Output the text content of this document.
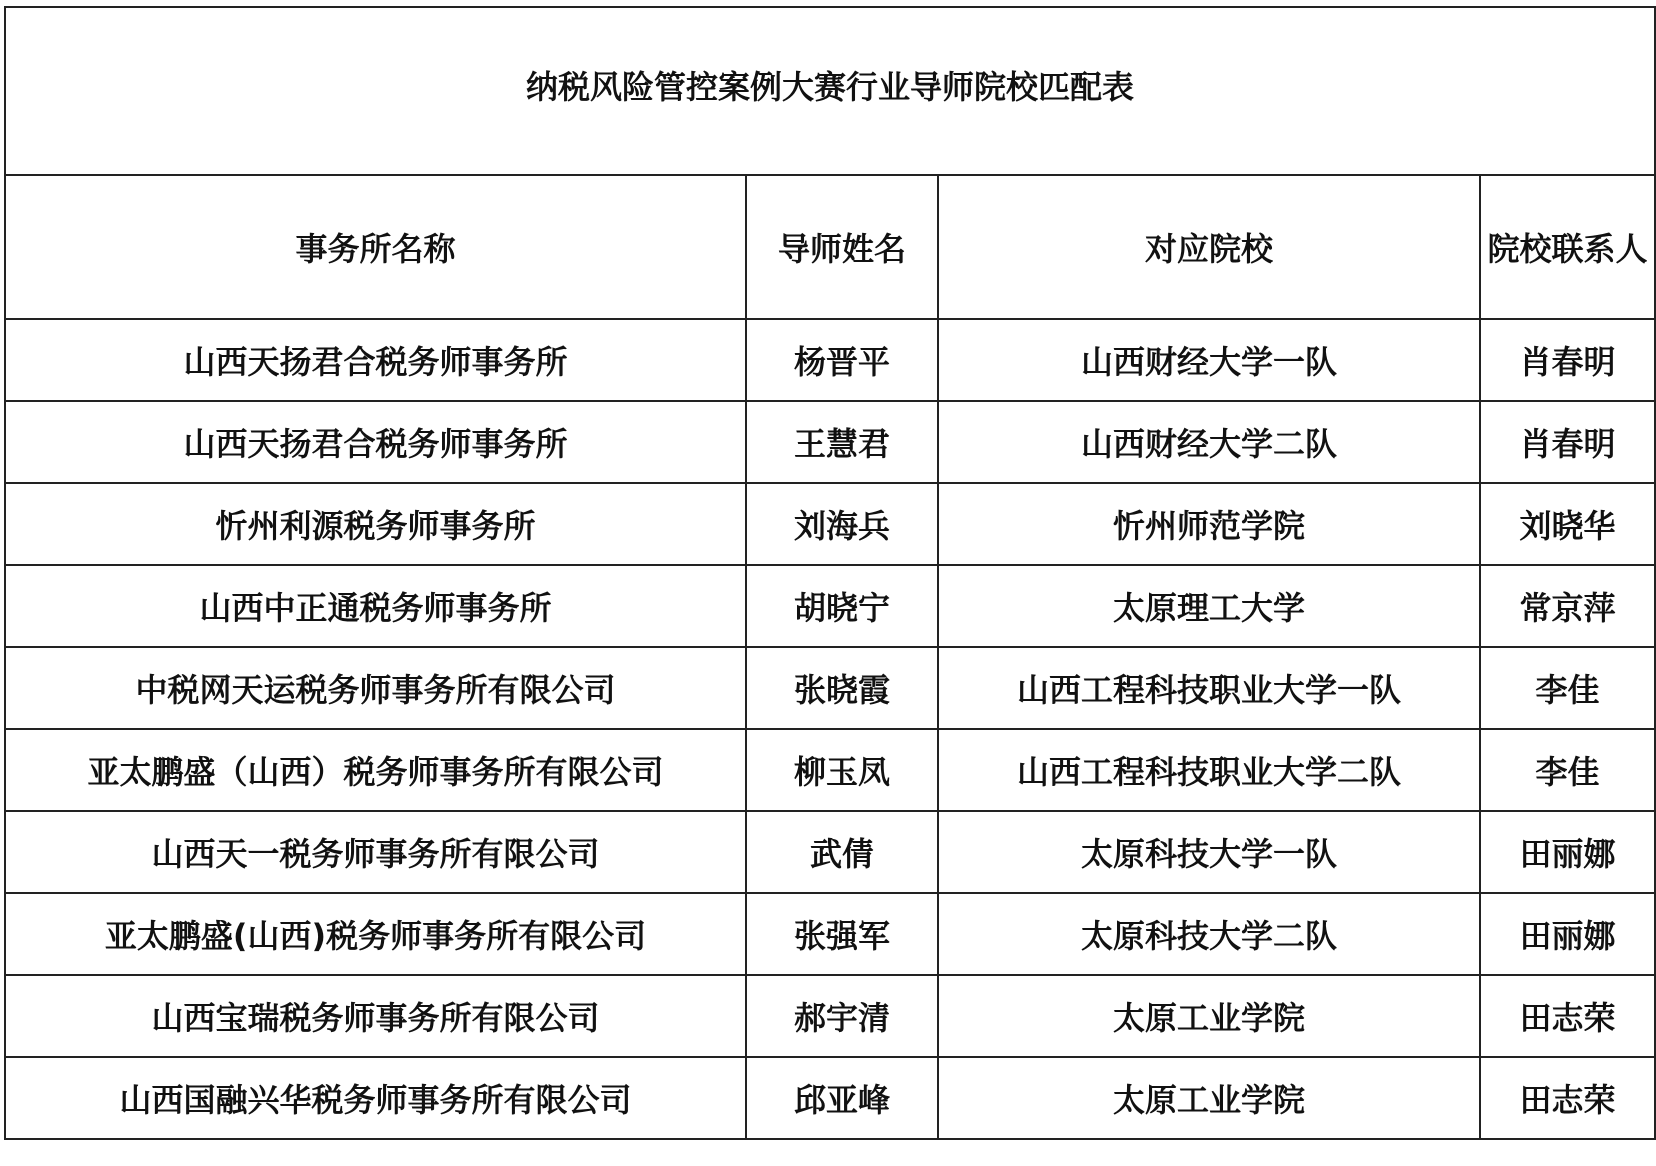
纳税风险管控案例大赛行业导师院校匹配表			
事务所名称	导师姓名	对应院校	院校联系人
山西天扬君合税务师事务所	杨晋平	山西财经大学一队	肖春明
山西天扬君合税务师事务所	王慧君	山西财经大学二队	肖春明
忻州利源税务师事务所	刘海兵	忻州师范学院	刘晓华
山西中正通税务师事务所	胡晓宁	太原理工大学	常京萍
中税网天运税务师事务所有限公司	张晓霞	山西工程科技职业大学一队	李佳
亚太鹏盛（山西）税务师事务所有限公司	柳玉凤	山西工程科技职业大学二队	李佳
山西天一税务师事务所有限公司	武倩	太原科技大学一队	田丽娜
亚太鹏盛(山西)税务师事务所有限公司	张强军	太原科技大学二队	田丽娜
山西宝瑞税务师事务所有限公司	郝宇清	太原工业学院	田志荣
山西国融兴华税务师事务所有限公司	邱亚峰	太原工业学院	田志荣
